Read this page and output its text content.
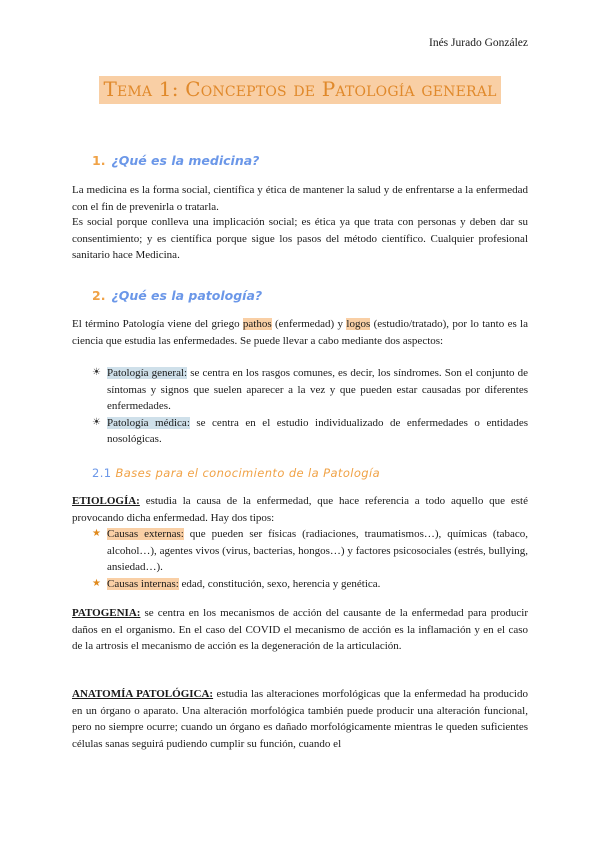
Inés Jurado González
Tema 1: Conceptos de Patología general
1. ¿Qué es la medicina?

La medicina es la forma social, científica y ética de mantener la salud y de enfrentarse a la enfermedad con el fin de prevenirla o tratarla.

Es social porque conlleva una implicación social; es ética ya que trata con personas y deben dar su consentimiento; y es científica porque sigue los pasos del método científico. Cualquier profesional sanitario hace Medicina.

2. ¿Qué es la patología?

El término Patología viene del griego pathos (enfermedad) y logos (estudio/tratado), por lo tanto es la ciencia que estudia las enfermedades. Se puede llevar a cabo mediante dos aspectos:

☀ Patología general: se centra en los rasgos comunes, es decir, los síndromes. Son el conjunto de síntomas y signos que suelen aparecer a la vez y que pueden estar causadas por diferentes enfermedades.
☀ Patología médica: se centra en el estudio individualizado de enfermedades o entidades nosológicas.
2.1 Bases para el conocimiento de la Patología

ETIOLOGÍA: estudia la causa de la enfermedad, que hace referencia a todo aquello que esté provocando dicha enfermedad. Hay dos tipos:

★ Causas externas: que pueden ser físicas (radiaciones, traumatismos…), químicas (tabaco, alcohol…), agentes vivos (virus, bacterias, hongos…) y factores psicosociales (estrés, bullying, ansiedad…).
★ Causas internas: edad, constitución, sexo, herencia y genética.

PATOGENIA: se centra en los mecanismos de acción del causante de la enfermedad para producir daños en el organismo. En el caso del COVID el mecanismo de acción es la inflamación y en el caso de la artrosis el mecanismo de acción es la degeneración de la articulación.

ANATOMÍA PATOLÓGICA: estudia las alteraciones morfológicas que la enfermedad ha producido en un órgano o aparato. Una alteración morfológica también puede producir una alteración funcional, pero no siempre ocurre; cuando un órgano es dañado morfológicamente mientras le queden suficientes células sanas seguirá pudiendo cumplir su función, cuando el
